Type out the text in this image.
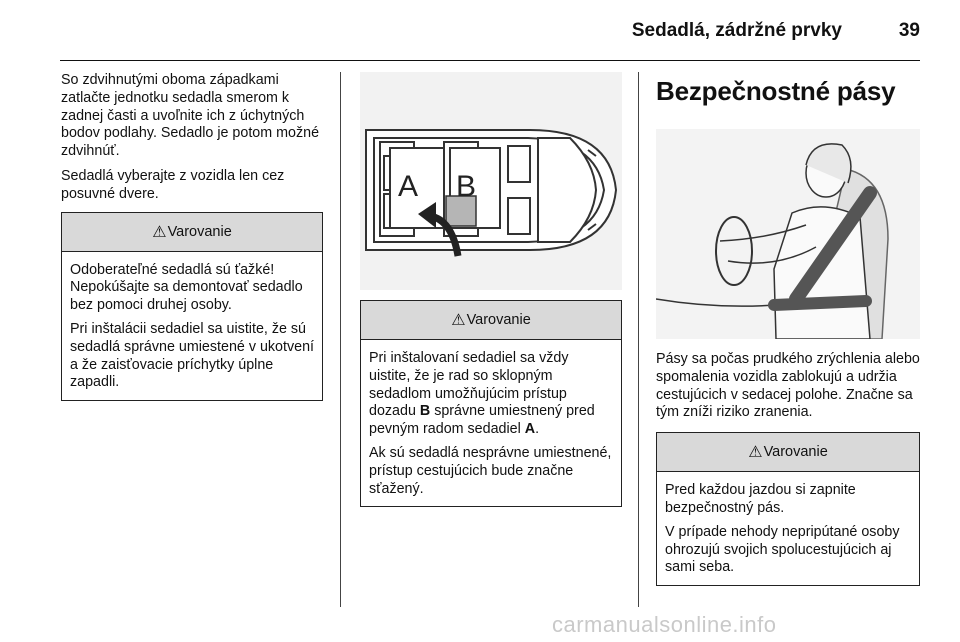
Sedadlá, zádržné prvky	39

So zdvihnutými oboma západkami zatlačte jednotku sedadla smerom k zadnej časti a uvoľnite ich z úchytných bodov podlahy. Sedadlo je potom možné zdvihnúť.

Sedadlá vyberajte z vozidla len cez posuvné dvere.

⚠ Varovanie

Odoberateľné sedadlá sú ťažké! Nepokúšajte sa demontovať sedadlo bez pomoci druhej osoby.

Pri inštalácii sedadiel sa uistite, že sú sedadlá správne umiestené v ukotvení a že zaisťovacie príchytky úplne zapadli.

A B
⚠ Varovanie

Pri inštalovaní sedadiel sa vždy uistite, že je rad so sklopným sedadlom umožňujúcim prístup dozadu B správne umiestnený pred pevným radom sedadiel A.

Ak sú sedadlá nesprávne umiestnené, prístup cestujúcich bude značne sťažený.

Bezpečnostné pásy

Pásy sa počas prudkého zrýchlenia alebo spomalenia vozidla zablokujú a udržia cestujúcich v sedacej polohe. Značne sa tým zníži riziko zranenia.

⚠ Varovanie

Pred každou jazdou si zapnite bezpečnostný pás.

V prípade nehody nepripútané osoby ohrozujú svojich spolucestujúcich aj sami seba.

carmanualsonline.info
